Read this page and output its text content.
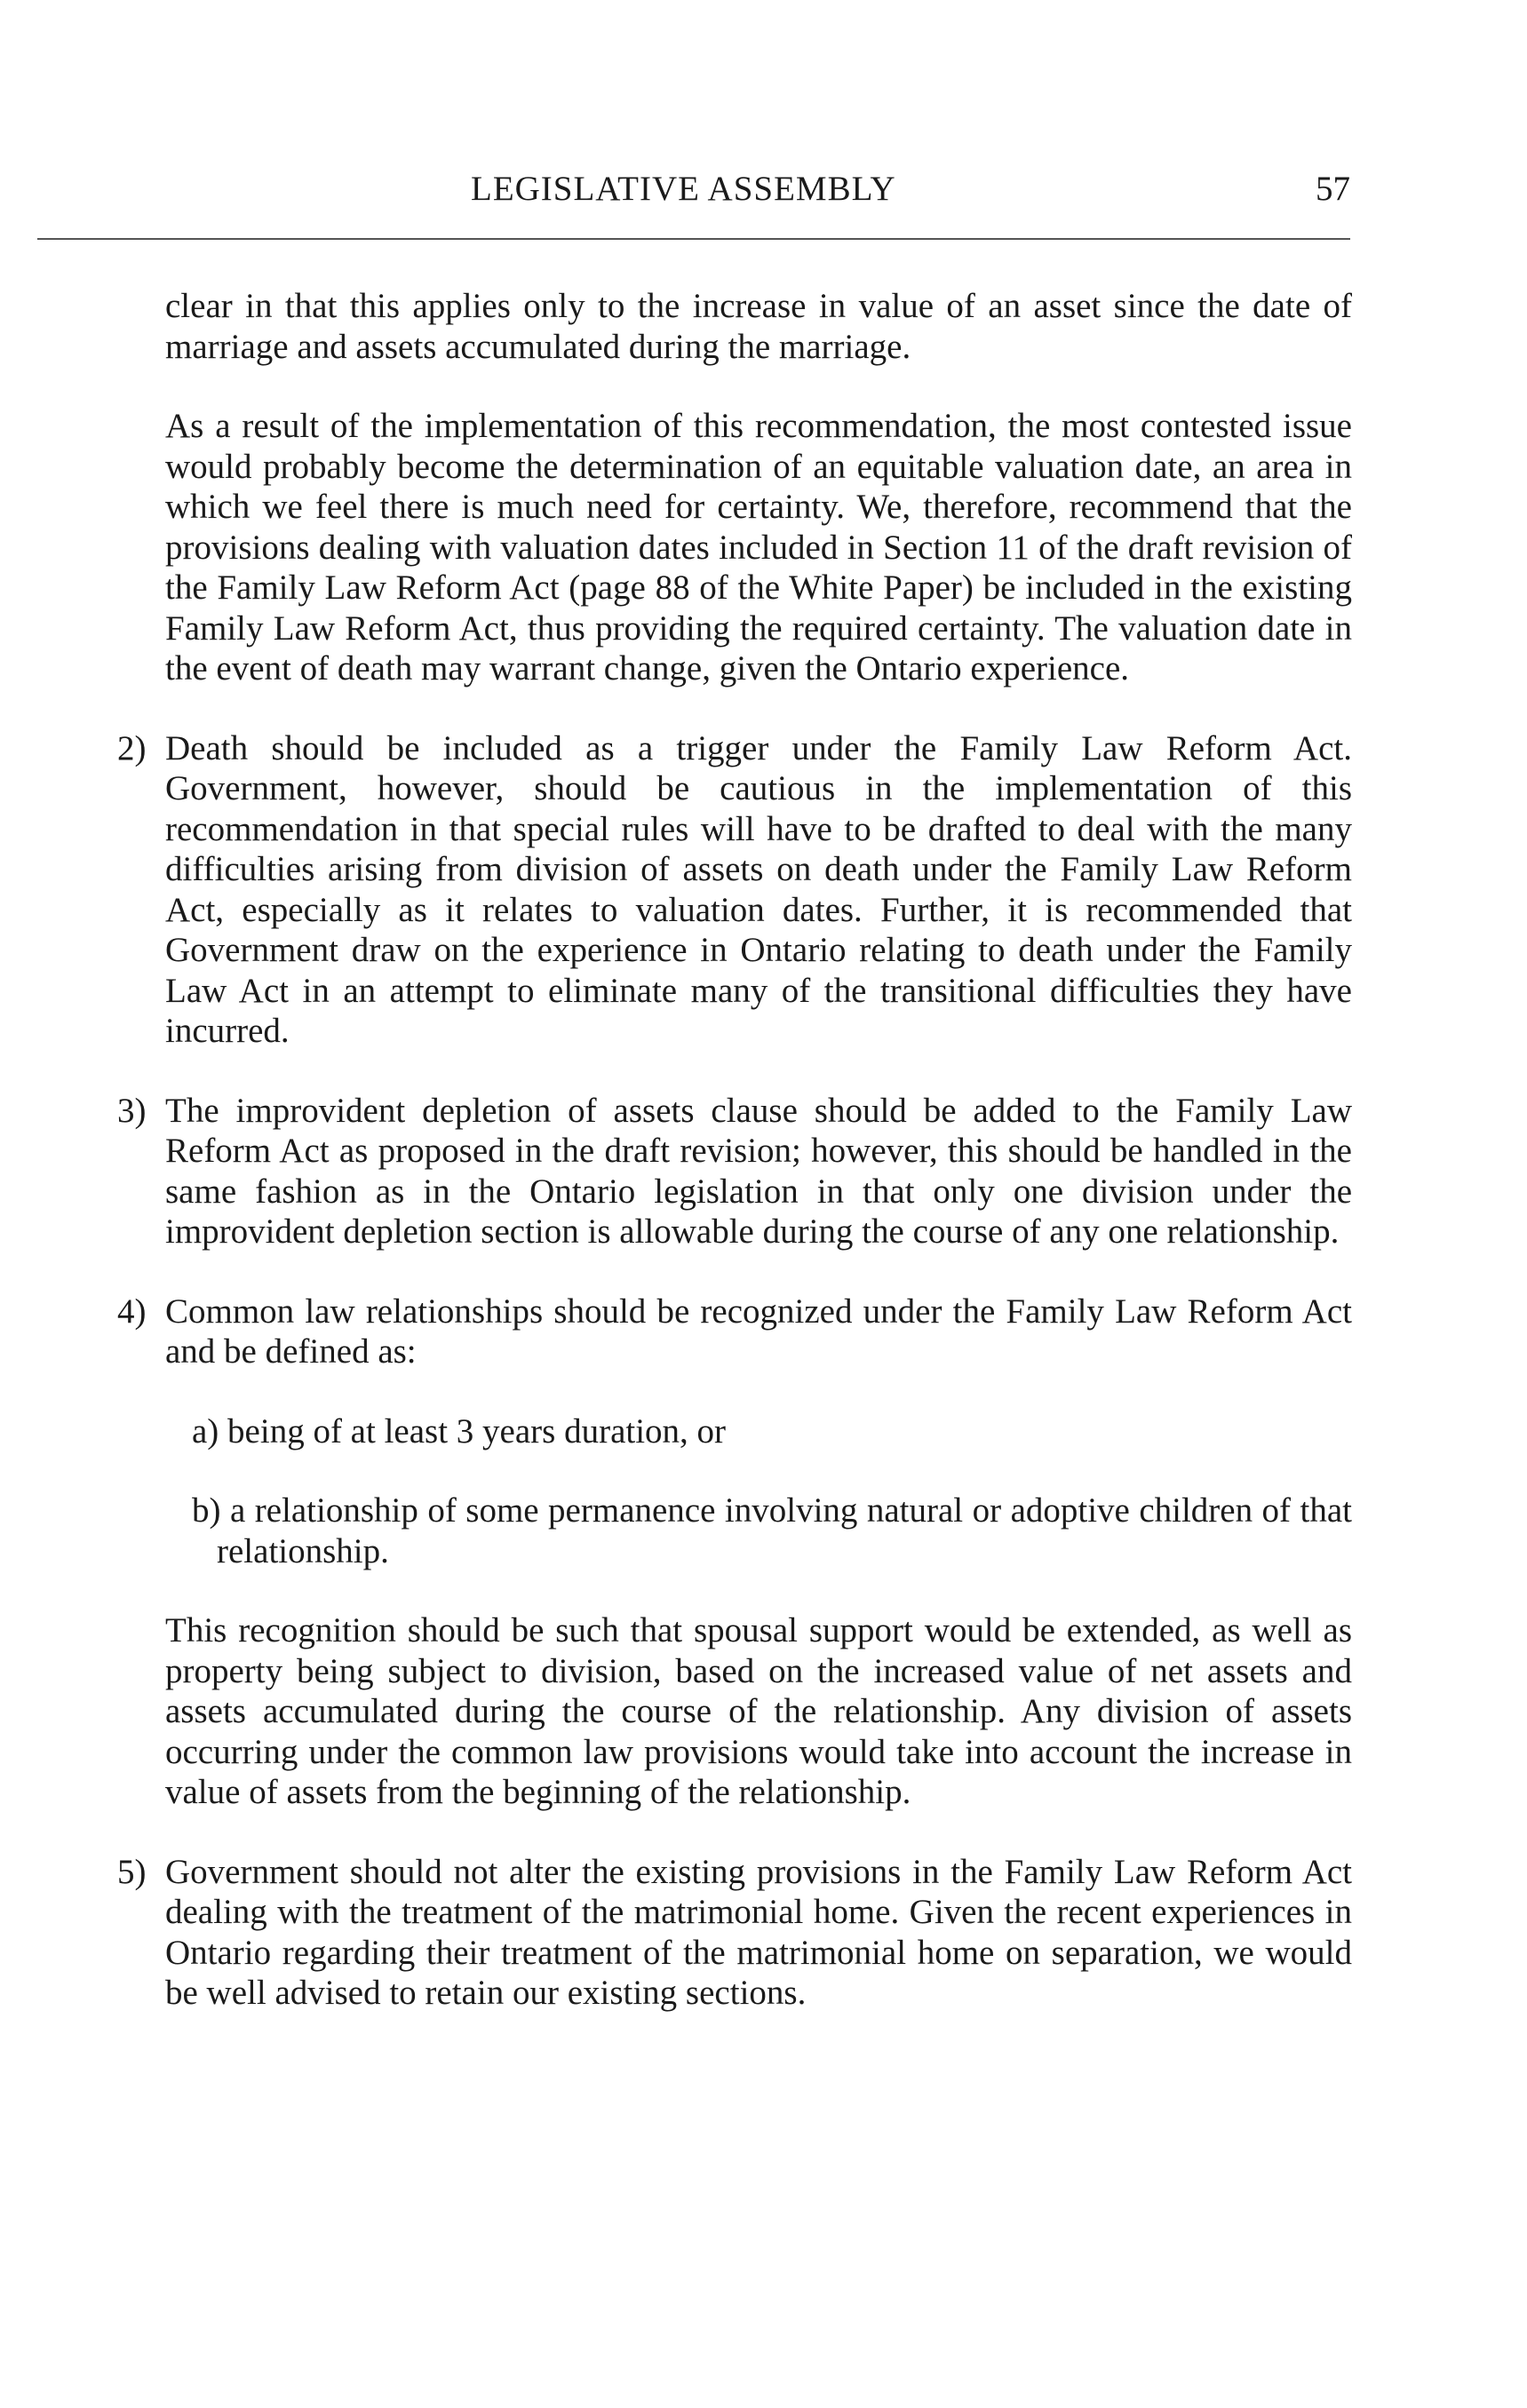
LEGISLATIVE ASSEMBLY	57

clear in that this applies only to the increase in value of an asset since the date of marriage and assets accumulated during the marriage.

As a result of the implementation of this recommendation, the most contested issue would probably become the determination of an equitable valuation date, an area in which we feel there is much need for certainty. We, therefore, recommend that the provisions dealing with valuation dates included in Section 11 of the draft revision of the Family Law Reform Act (page 88 of the White Paper) be included in the existing Family Law Reform Act, thus providing the required certainty. The valuation date in the event of death may warrant change, given the Ontario experience.

2) Death should be included as a trigger under the Family Law Reform Act. Government, however, should be cautious in the implementation of this recommendation in that special rules will have to be drafted to deal with the many difficulties arising from division of assets on death under the Family Law Reform Act, especially as it relates to valuation dates. Further, it is recommended that Government draw on the experience in Ontario relating to death under the Family Law Act in an attempt to eliminate many of the transitional difficulties they have incurred.
3) The improvident depletion of assets clause should be added to the Family Law Reform Act as proposed in the draft revision; however, this should be handled in the same fashion as in the Ontario legislation in that only one division under the improvident depletion section is allowable during the course of any one relationship.
4) Common law relationships should be recognized under the Family Law Reform Act and be defined as:
a) being of at least 3 years duration, or
b) a relationship of some permanence involving natural or adoptive children of that relationship.

This recognition should be such that spousal support would be extended, as well as property being subject to division, based on the increased value of net assets and assets accumulated during the course of the relationship. Any division of assets occurring under the common law provisions would take into account the increase in value of assets from the beginning of the relationship.

5) Government should not alter the existing provisions in the Family Law Reform Act dealing with the treatment of the matrimonial home. Given the recent experiences in Ontario regarding their treatment of the matrimonial home on separation, we would be well advised to retain our existing sections.
